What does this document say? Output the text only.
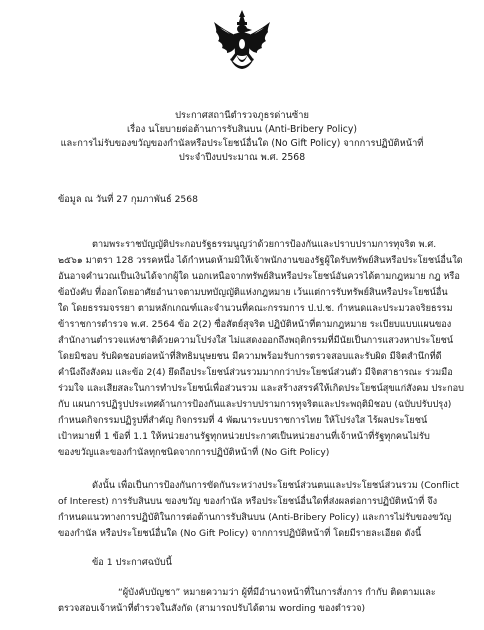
ประกาศสถานีตำรวจภูธรด่านซ้าย
เรื่อง นโยบายต่อต้านการรับสินบน (Anti-Bribery Policy)
และการไม่รับของขวัญของกำนัลหรือประโยชน์อื่นใด (No Gift Policy) จากการปฏิบัติหน้าที่
ประจำปีงบประมาณ พ.ศ. 2568
ข้อมูล ณ วันที่ 27 กุมภาพันธ์ 2568
ตามพระราชบัญญัติประกอบรัฐธรรมนูญว่าด้วยการป้องกันและปราบปรามการทุจริต พ.ศ.
๒๕๖๑ มาตรา 128 วรรคหนึ่ง ได้กำหนดห้ามมิให้เจ้าพนักงานของรัฐผู้ใดรับทรัพย์สินหรือประโยชน์อื่นใด
อันอาจคำนวณเป็นเงินได้จากผู้ใด นอกเหนือจากทรัพย์สินหรือประโยชน์อันควรได้ตามกฎหมาย กฎ หรือ
ข้อบังคับ ที่ออกโดยอาศัยอำนาจตามบทบัญญัติแห่งกฎหมาย เว้นแต่การรับทรัพย์สินหรือประโยชน์อื่น
ใด โดยธรรมจรรยา ตามหลักเกณฑ์และจำนวนที่คณะกรรมการ ป.ป.ช. กำหนดและประมวลจริยธรรม
ข้าราชการตำรวจ พ.ศ. 2564 ข้อ 2(2) ซื่อสัตย์สุจริต ปฏิบัติหน้าที่ตามกฎหมาย ระเบียบแบบแผนของ
สำนักงานตำรวจแห่งชาติด้วยความโปร่งใส ไม่แสดงออกถึงพฤติกรรมที่มีนัยเป็นการแสวงหาประโยชน์
โดยมิชอบ รับผิดชอบต่อหน้าที่สิทธิมนุษยชน มีความพร้อมรับการตรวจสอบและรับผิด มีจิตสำนึกที่ดี
คำนึงถึงสังคม และข้อ 2(4) ยึดถือประโยชน์ส่วนรวมมากกว่าประโยชน์ส่วนตัว มีจิตสาธารณะ ร่วมมือ
ร่วมใจ และเสียสละในการทำประโยชน์เพื่อส่วนรวม และสร้างสรรค์ให้เกิดประโยชน์สุขแก่สังคม ประกอบ
กับ แผนการปฏิรูปประเทศด้านการป้องกันและปราบปรามการทุจริตและประพฤติมิชอบ (ฉบับปรับปรุง)
กำหนดกิจกรรมปฏิรูปที่สำคัญ กิจกรรมที่ 4 พัฒนาระบบราชการไทย ให้โปร่งใส ไร้ผลประโยชน์
เป้าหมายที่ 1 ข้อที่ 1.1 ให้หน่วยงานรัฐทุกหน่วยประกาศเป็นหน่วยงานที่เจ้าหน้าที่รัฐทุกคนไม่รับ
ของขวัญและของกำนัลทุกชนิดจากการปฏิบัติหน้าที่ (No Gift Policy)
ดังนั้น เพื่อเป็นการป้องกันการขัดกันระหว่างประโยชน์ส่วนตนและประโยชน์ส่วนรวม (Conflict
of Interest) การรับสินบน ของขวัญ ของกำนัล หรือประโยชน์อื่นใดที่ส่งผลต่อการปฏิบัติหน้าที่ จึง
กำหนดแนวทางการปฏิบัติในการต่อต้านการรับสินบน (Anti-Bribery Policy) และการไม่รับของขวัญ
ของกำนัล หรือประโยชน์อื่นใด (No Gift Policy) จากการปฏิบัติหน้าที่ โดยมีรายละเอียด ดังนี้
ข้อ 1 ประกาศฉบับนี้
“ผู้บังคับบัญชา” หมายความว่า ผู้ที่มีอำนาจหน้าที่ในการสั่งการ กำกับ ติดตามและ
ตรวจสอบเจ้าหน้าที่ตำรวจในสังกัด (สามารถปรับได้ตาม wording ของตำรวจ)
